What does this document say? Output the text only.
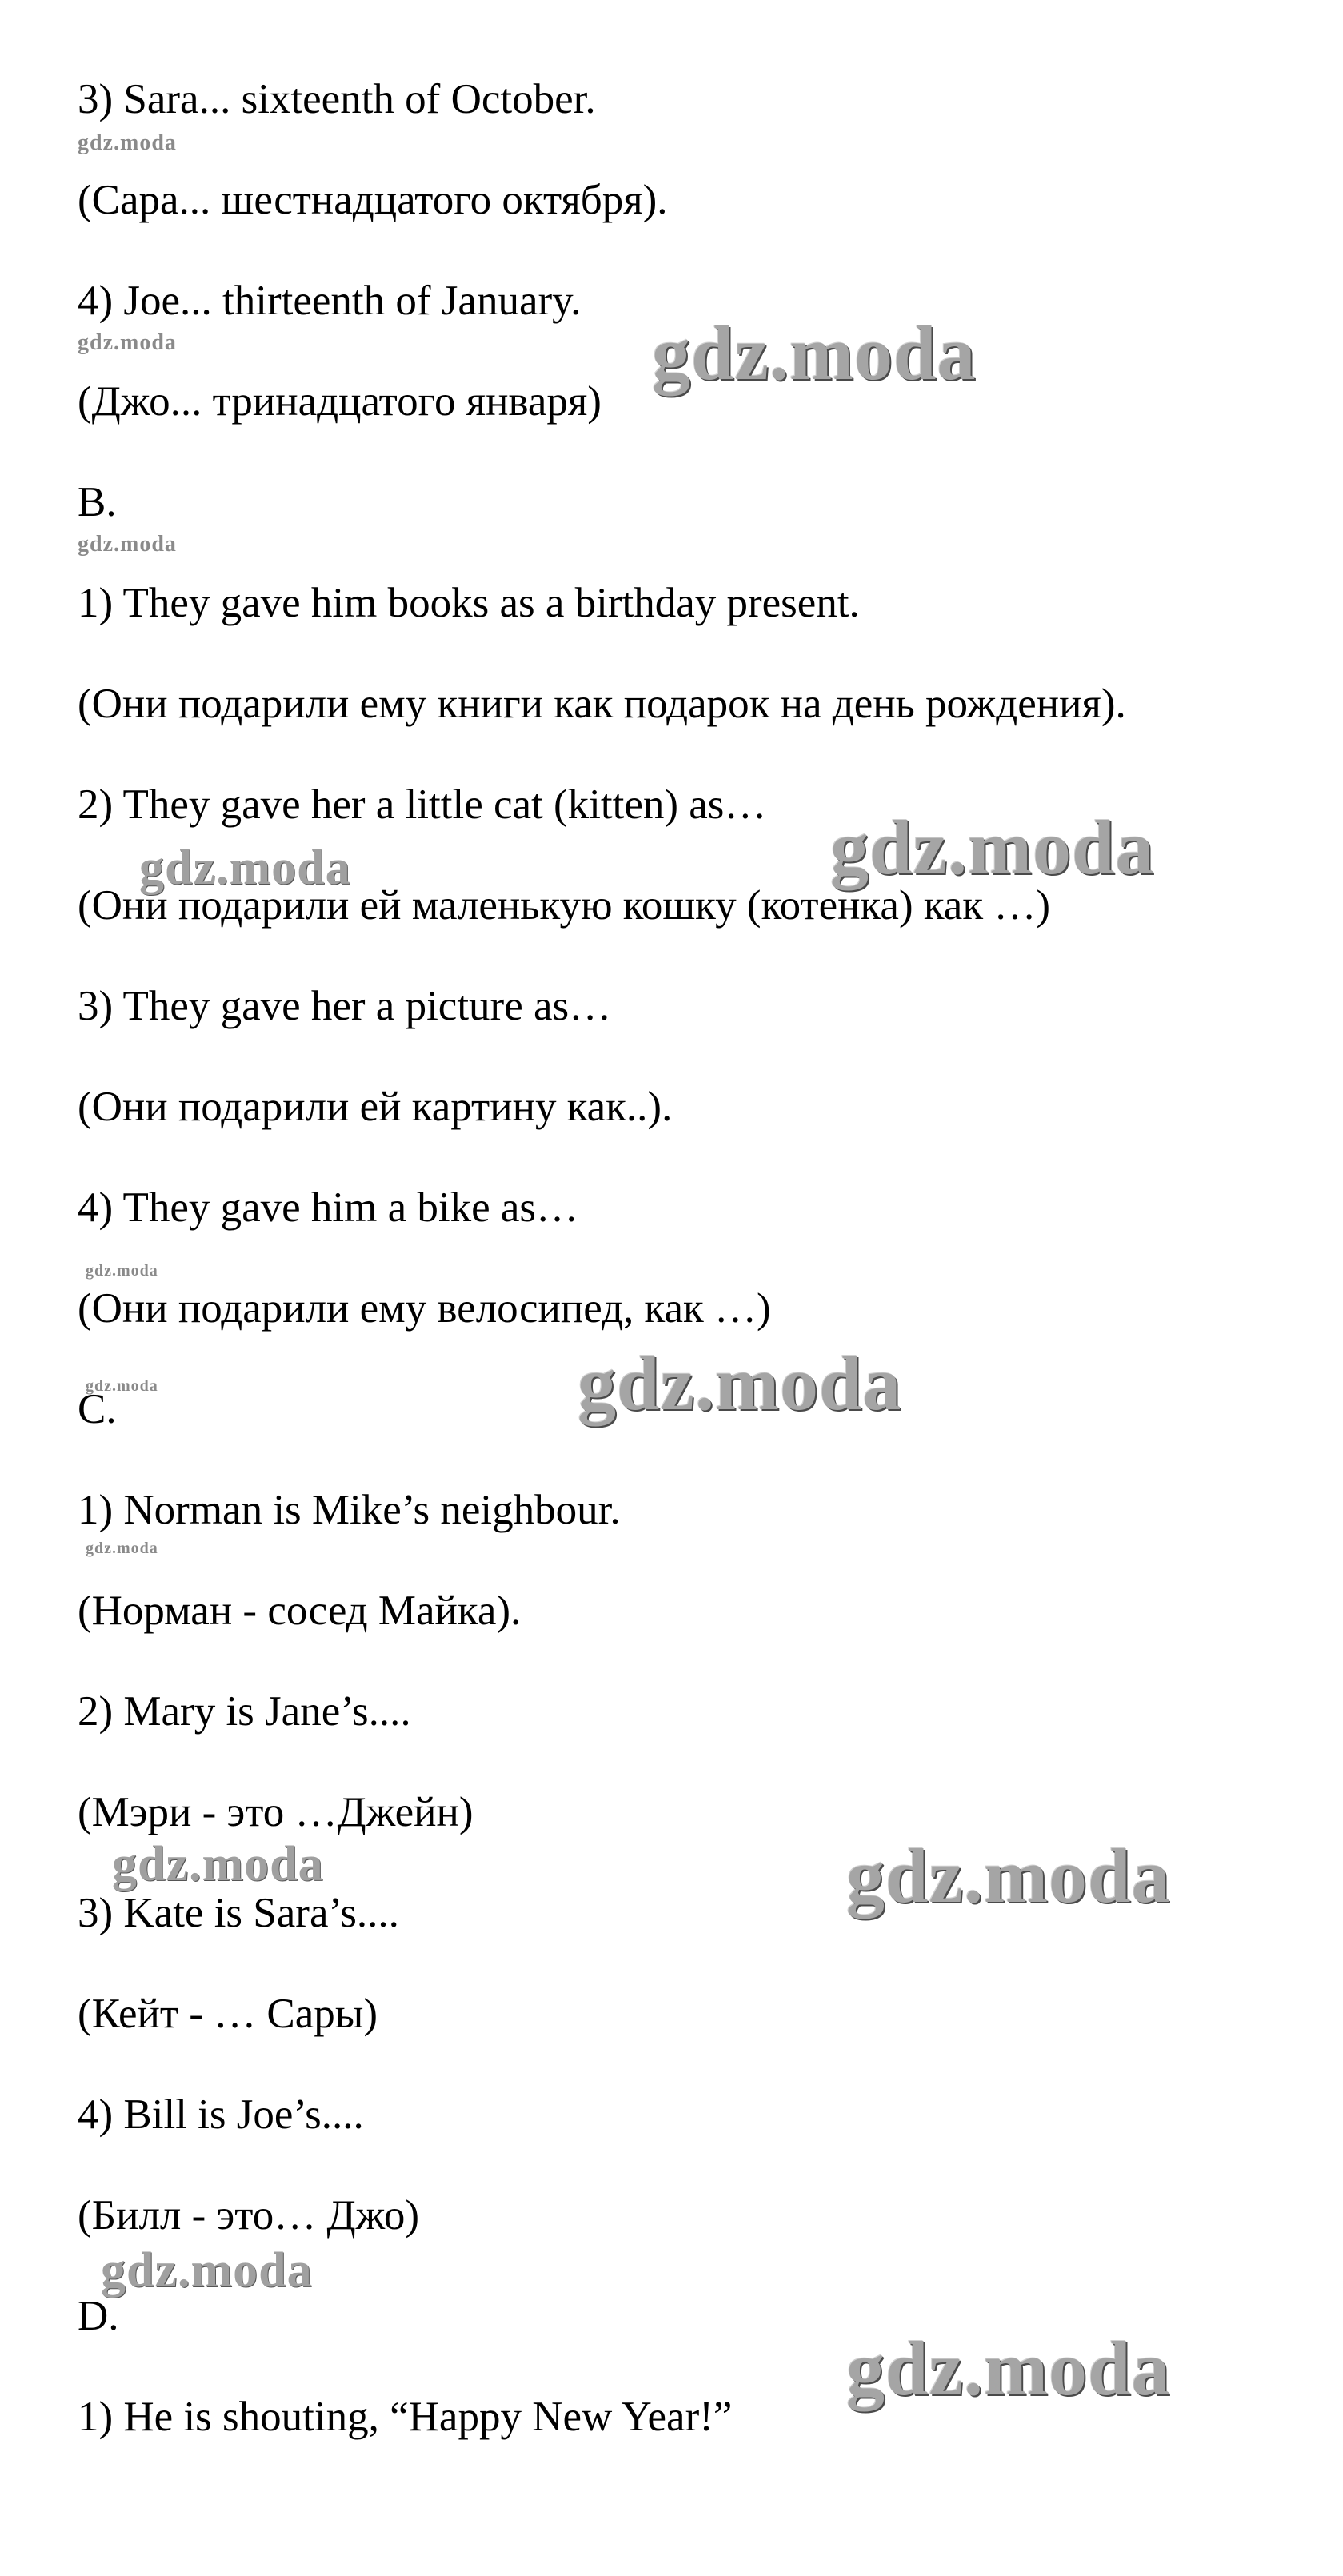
3) Sara... sixteenth of October.

(Сара... шестнадцатого октября).

4) Joe... thirteenth of January.

(Джо... тринадцатого января)

B.

1) They gave him books as a birthday present.

(Они подарили ему книги как подарок на день рождения).

2) They gave her a little cat (kitten) as…

(Они подарили ей маленькую кошку (котенка) как …)

3) They gave her a picture as…

(Они подарили ей картину как..).

4) They gave him a bike as…

(Они подарили ему велосипед, как …)

C.

1) Norman is Mike’s neighbour.

(Норман - сосед Майка).

2) Mary is Jane’s....

(Мэри - это …Джейн)

3) Kate is Sara’s....

(Кейт - … Сары)

4) Bill is Joe’s....

(Билл - это… Джо)

D.

1) He is shouting, “Happy New Year!”

gdz.moda
gdz.moda	gdz.moda
gdz.moda
gdz.moda	gdz.moda
gdz.moda
gdz.moda	gdz.moda
gdz.moda
gdz.moda	gdz.moda
gdz.moda
gdz.moda
